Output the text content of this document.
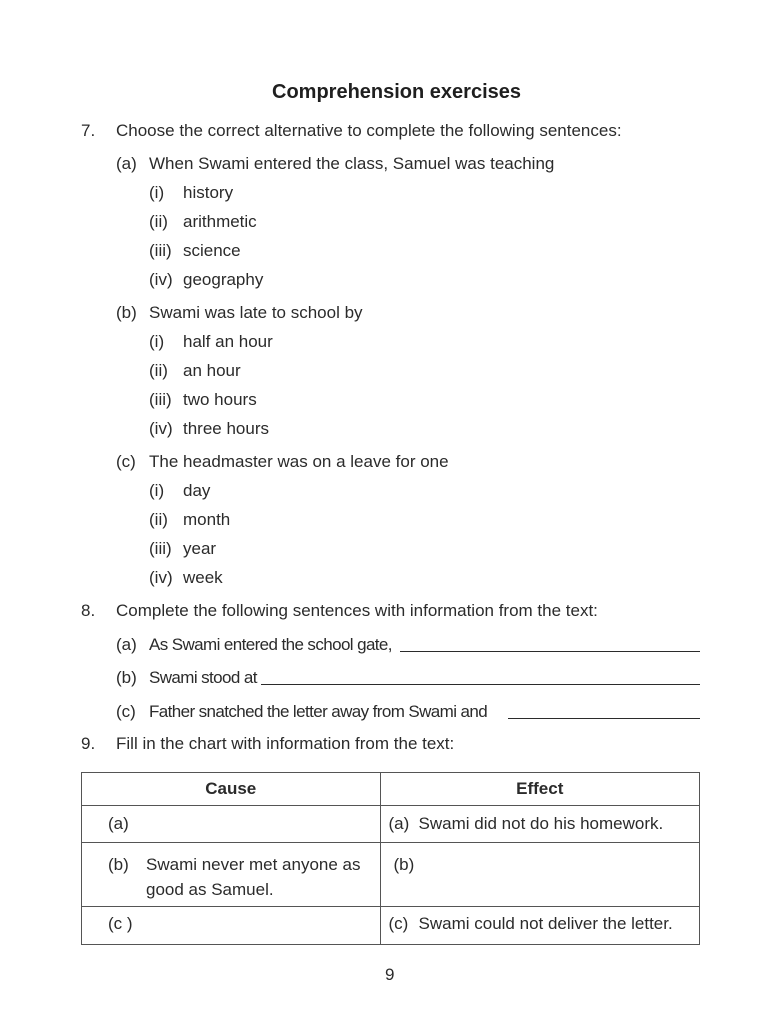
Comprehension exercises
7. Choose the correct alternative to complete the following sentences:
(a) When Swami entered the class, Samuel was teaching
(i) history
(ii) arithmetic
(iii) science
(iv) geography
(b) Swami was late to school by
(i) half an hour
(ii) an hour
(iii) two hours
(iv) three hours
(c) The headmaster was on a leave for one
(i) day
(ii) month
(iii) year
(iv) week
8. Complete the following sentences with information from the text:
(a) As Swami entered the school gate,
(b) Swami stood at
(c) Father snatched the letter away from Swami and
9. Fill in the chart with information from the text:
Cause	Effect

(a)	(a) Swami did not do his homework.

(b) Swami never met anyone as
good as Samuel.	(b)

(c )	(c) Swami could not deliver the letter.
9
